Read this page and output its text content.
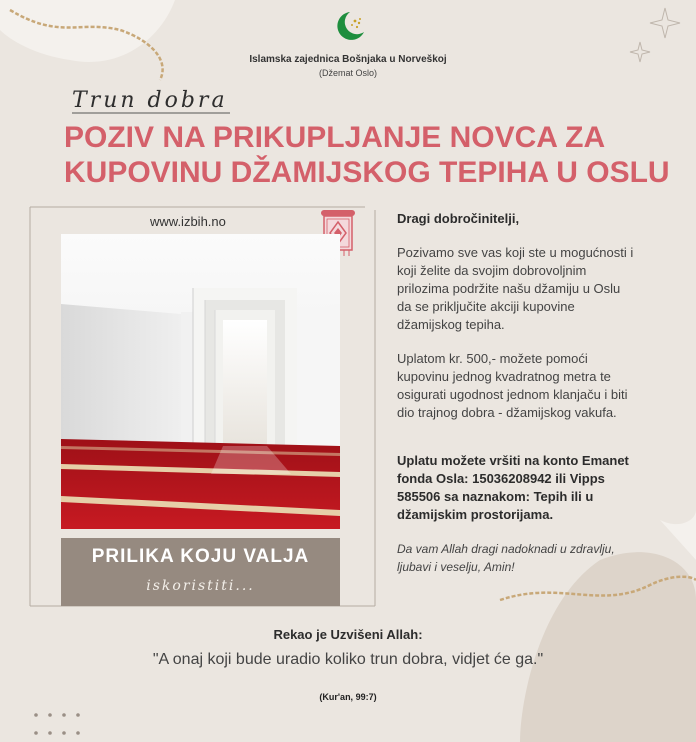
Islamska zajednica Bošnjaka u Norveškoj
(Džemat Oslo)
Trun dobra
POZIV NA PRIKUPLJANJE NOVCA ZA KUPOVINU DŽAMIJSKOG TEPIHA U OSLU
www.izbih.no
PRILIKA KOJU VALJA
iskoristiti...
Dragi dobročinitelji,
Pozivamo sve vas koji ste u mogućnosti i koji želite da svojim dobrovoljnim prilozima podržite našu džamiju u Oslu da se priključite akciji kupovine džamijskog tepiha.
Uplatom kr. 500,- možete pomoći kupovinu jednog kvadratnog metra te osigurati ugodnost jednom klanjaču i biti dio trajnog dobra - džamijskog vakufa.
Uplatu možete vršiti na konto Emanet fonda Osla: 15036208942 ili Vipps 585506 sa naznakom: Tepih ili u džamijskim prostorijama.
Da vam Allah dragi nadoknadi u zdravlju, ljubavi i veselju, Amin!
Rekao je Uzvišeni Allah:
"A onaj koji bude uradio koliko trun dobra, vidjet će ga."
(Kur'an, 99:7)
